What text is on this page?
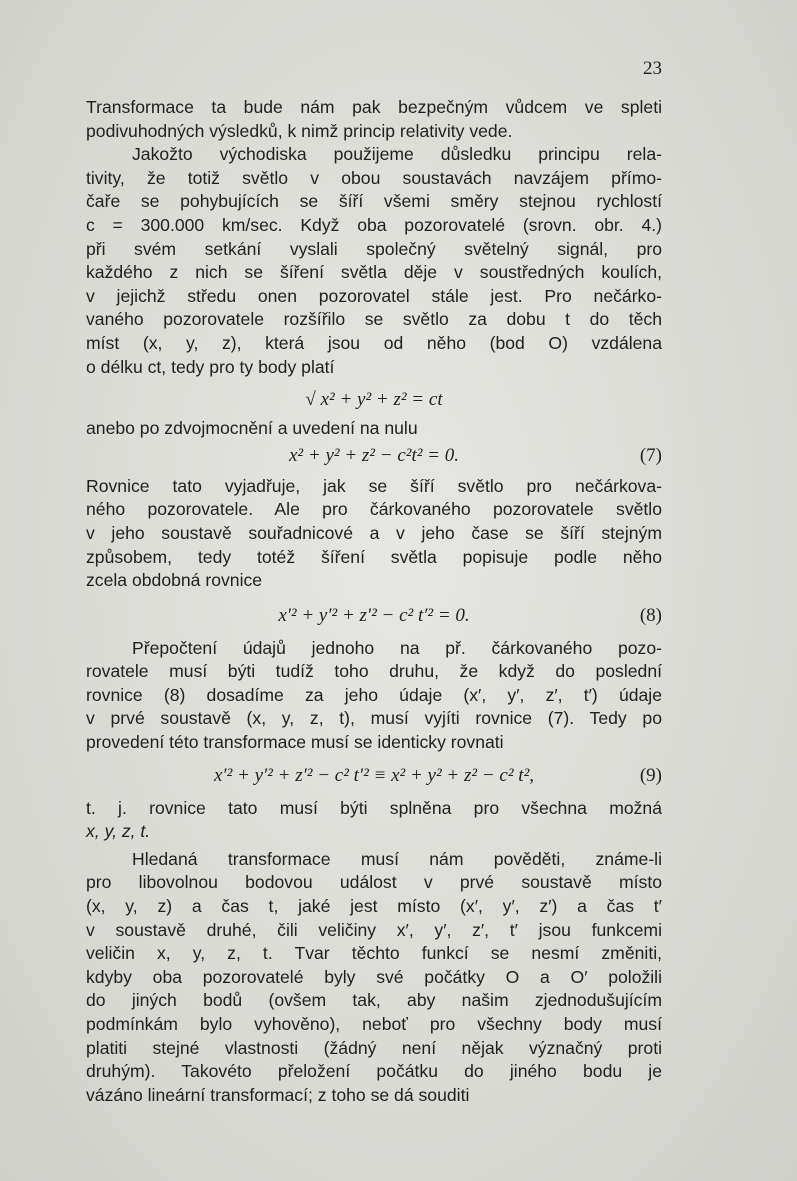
23
Transformace ta bude nám pak bezpečným vůdcem ve spleti
podivuhodných výsledků, k nimž princip relativity vede.
Jakožto východiska použijeme důsledku principu rela-
tivity, že totiž světlo v obou soustavách navzájem přímo-
čaře se pohybujících se šíří všemi směry stejnou rychlostí
c = 300.000 km/sec. Když oba pozorovatelé (srovn. obr. 4.)
při svém setkání vyslali společný světelný signál, pro
každého z nich se šíření světla děje v soustředných koulích,
v jejichž středu onen pozorovatel stále jest. Pro nečárko-
vaného pozorovatele rozšířilo se světlo za dobu t do těch
míst (x, y, z), která jsou od něho (bod O) vzdálena
o délku ct, tedy pro ty body platí
√ x² + y² + z² = ct
anebo po zdvojmocnění a uvedení na nulu
x² + y² + z² − c²t² = 0.	(7)
Rovnice tato vyjadřuje, jak se šíří světlo pro nečárkova-
ného pozorovatele. Ale pro čárkovaného pozorovatele světlo
v jeho soustavě souřadnicové a v jeho čase se šíří stejným
způsobem, tedy totéž šíření světla popisuje podle něho
zcela obdobná rovnice
x′² + y′² + z′² − c² t′² = 0.	(8)
Přepočtení údajů jednoho na př. čárkovaného pozo-
rovatele musí býti tudíž toho druhu, že když do poslední
rovnice (8) dosadíme za jeho údaje (x′, y′, z′, t′) údaje
v prvé soustavě (x, y, z, t), musí vyjíti rovnice (7). Tedy po
provedení této transformace musí se identicky rovnati
x′² + y′² + z′² − c² t′² ≡ x² + y² + z² − c² t²,	(9)
t. j. rovnice tato musí býti splněna pro všechna možná
x, y, z, t.
Hledaná transformace musí nám pověděti, známe-li
pro libovolnou bodovou událost v prvé soustavě místo
(x, y, z) a čas t, jaké jest místo (x′, y′, z′) a čas t′
v soustavě druhé, čili veličiny x′, y′, z′, t′ jsou funkcemi
veličin x, y, z, t. Tvar těchto funkcí se nesmí změniti,
kdyby oba pozorovatelé byly své počátky O a O′ položili
do jiných bodů (ovšem tak, aby našim zjednodušujícím
podmínkám bylo vyhověno), neboť pro všechny body musí
platiti stejné vlastnosti (žádný není nějak význačný proti
druhým). Takovéto přeložení počátku do jiného bodu je
vázáno lineární transformací; z toho se dá souditi
